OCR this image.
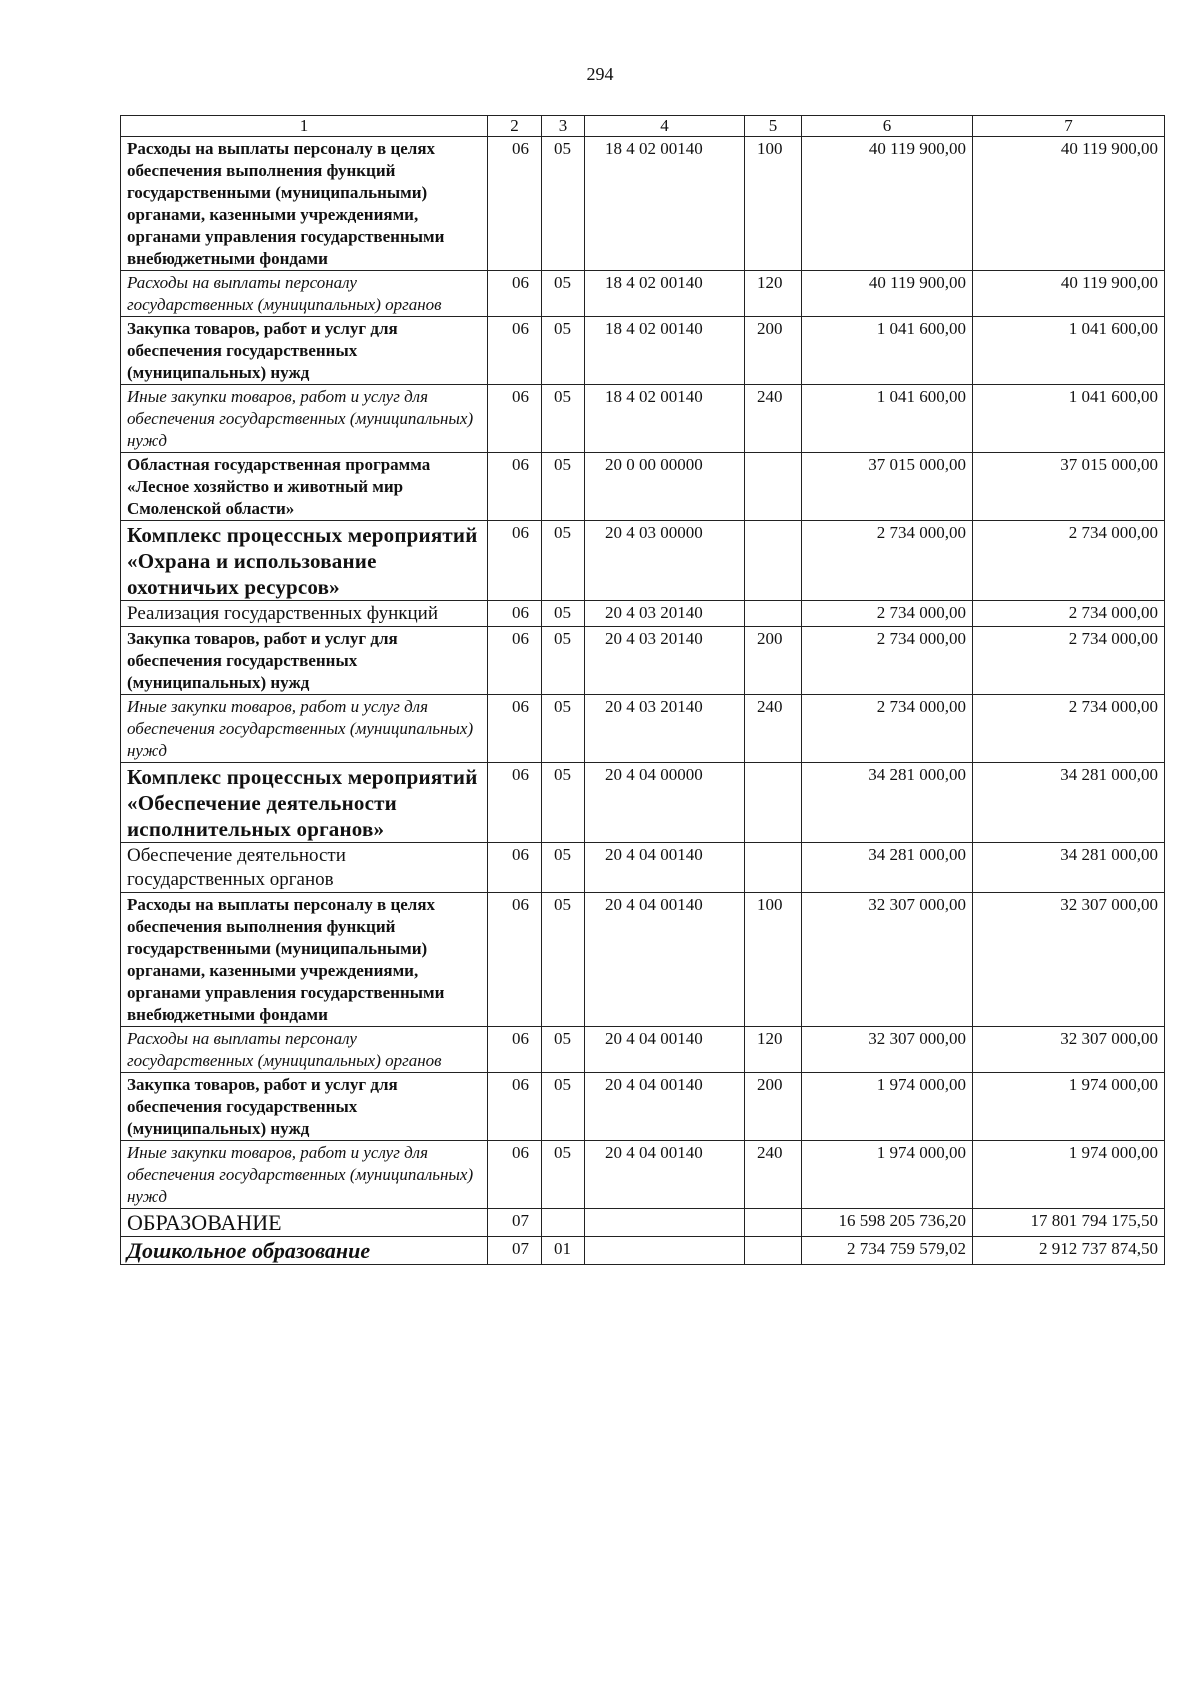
294
1	2	3	4	5	6	7
Расходы на выплаты персоналу в целях обеспечения выполнения функций государственными (муниципальными) органами, казенными учреждениями, органами управления государственными внебюджетными фондами	06	05	18 4 02 00140	100	40 119 900,00	40 119 900,00
Расходы на выплаты персоналу государственных (муниципальных) органов	06	05	18 4 02 00140	120	40 119 900,00	40 119 900,00
Закупка товаров, работ и услуг для обеспечения государственных (муниципальных) нужд	06	05	18 4 02 00140	200	1 041 600,00	1 041 600,00
Иные закупки товаров, работ и услуг для обеспечения государственных (муниципальных) нужд	06	05	18 4 02 00140	240	1 041 600,00	1 041 600,00
Областная государственная программа «Лесное хозяйство и животный мир Смоленской области»	06	05	20 0 00 00000		37 015 000,00	37 015 000,00
Комплекс процессных мероприятий «Охрана и использование охотничьих ресурсов»	06	05	20 4 03 00000		2 734 000,00	2 734 000,00
Реализация государственных функций	06	05	20 4 03 20140		2 734 000,00	2 734 000,00
Закупка товаров, работ и услуг для обеспечения государственных (муниципальных) нужд	06	05	20 4 03 20140	200	2 734 000,00	2 734 000,00
Иные закупки товаров, работ и услуг для обеспечения государственных (муниципальных) нужд	06	05	20 4 03 20140	240	2 734 000,00	2 734 000,00
Комплекс процессных мероприятий «Обеспечение деятельности исполнительных органов»	06	05	20 4 04 00000		34 281 000,00	34 281 000,00
Обеспечение деятельности государственных органов	06	05	20 4 04 00140		34 281 000,00	34 281 000,00
Расходы на выплаты персоналу в целях обеспечения выполнения функций государственными (муниципальными) органами, казенными учреждениями, органами управления государственными внебюджетными фондами	06	05	20 4 04 00140	100	32 307 000,00	32 307 000,00
Расходы на выплаты персоналу государственных (муниципальных) органов	06	05	20 4 04 00140	120	32 307 000,00	32 307 000,00
Закупка товаров, работ и услуг для обеспечения государственных (муниципальных) нужд	06	05	20 4 04 00140	200	1 974 000,00	1 974 000,00
Иные закупки товаров, работ и услуг для обеспечения государственных (муниципальных) нужд	06	05	20 4 04 00140	240	1 974 000,00	1 974 000,00
ОБРАЗОВАНИЕ	07				16 598 205 736,20	17 801 794 175,50
Дошкольное образование	07	01			2 734 759 579,02	2 912 737 874,50
